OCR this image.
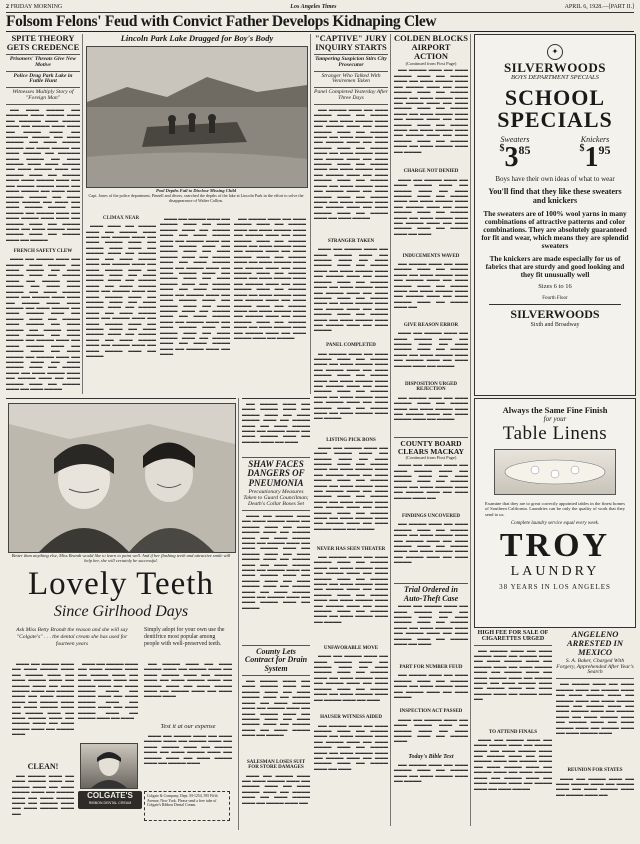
2 FRIDAY MORNING	Los Angeles Times	APRIL 6, 1928.—[PART II.]
Folsom Felons' Feud with Convict Father Develops Kidnaping Clew
SPITE THEORY GETS CREDENCE
Prisoners' Threats Give New Motive
Police Drag Park Lake in Futile Hunt
Witnesses Multiply Story of "Foreign Man"

▬▬ ▬▬▬ ▬▬▬▬ ▬▬ ▬▬▬▬▬ ▬▬▬ ▬▬▬▬ ▬▬▬ ▬▬ ▬▬▬▬▬ ▬▬▬ ▬▬▬▬ ▬▬▬ ▬▬ ▬▬▬▬ ▬▬▬ ▬▬▬ ▬▬ ▬▬▬▬ ▬▬▬ ▬▬ ▬▬▬▬▬ ▬▬▬▬ ▬▬ ▬▬▬ ▬▬▬▬ ▬▬ ▬▬▬ ▬▬▬▬ ▬▬▬▬ ▬▬ ▬▬▬ ▬▬▬▬ ▬▬ ▬▬▬ ▬▬▬▬ ▬▬ ▬▬▬▬▬ ▬▬▬ ▬▬▬▬ ▬▬ ▬▬▬ ▬▬▬▬ ▬▬▬ ▬▬▬ ▬▬▬▬ ▬▬ ▬▬▬ ▬▬▬▬ ▬▬▬ ▬▬ ▬▬▬▬ ▬▬▬ ▬▬ ▬▬▬▬ ▬▬▬ ▬▬▬ ▬▬▬▬ ▬▬▬ ▬▬ ▬▬ ▬▬▬▬ ▬▬▬▬ ▬▬▬ ▬▬ ▬▬▬ ▬▬▬▬ ▬▬ ▬▬▬ ▬▬▬ ▬▬▬▬ ▬▬▬▬ ▬▬ ▬▬▬ ▬▬▬ ▬▬▬▬ ▬▬ ▬▬▬ ▬▬ ▬▬▬ ▬▬▬▬ ▬▬▬▬ ▬▬ ▬▬▬▬ ▬▬ ▬▬▬▬ ▬▬▬ ▬▬ ▬▬▬ ▬▬▬▬ ▬▬▬ ▬▬▬ ▬▬ ▬▬▬▬ ▬▬▬ ▬▬ ▬▬▬▬ ▬▬▬ ▬▬ ▬▬▬ ▬▬▬▬ ▬▬▬ ▬▬▬▬ ▬▬▬ ▬▬ ▬▬▬▬ ▬▬▬ ▬▬ ▬▬▬▬

FRENCH SAFETY CLEW

▬▬▬ ▬▬ ▬▬▬▬ ▬▬▬ ▬▬ ▬▬▬▬ ▬▬▬ ▬▬▬▬ ▬▬ ▬▬▬ ▬▬▬▬ ▬▬ ▬▬▬ ▬▬▬▬ ▬▬▬ ▬▬ ▬▬▬▬ ▬▬▬ ▬▬ ▬▬▬▬ ▬▬▬ ▬▬▬▬ ▬▬ ▬▬▬ ▬▬▬ ▬▬▬▬ ▬▬ ▬▬▬ ▬▬▬▬ ▬▬▬ ▬▬ ▬▬▬▬ ▬▬▬ ▬▬▬ ▬▬ ▬▬▬▬ ▬▬▬ ▬▬▬ ▬▬▬▬ ▬▬ ▬▬▬ ▬▬▬▬ ▬▬ ▬▬▬ ▬▬▬▬ ▬▬▬ ▬▬ ▬▬▬▬ ▬▬▬ ▬▬ ▬▬▬▬ ▬▬▬ ▬▬▬▬ ▬▬ ▬▬▬ ▬▬▬▬ ▬▬ ▬▬▬▬ ▬▬▬ ▬▬▬ ▬▬▬▬ ▬▬ ▬▬▬ ▬▬▬▬ ▬▬ ▬▬▬▬ ▬▬▬ ▬▬ ▬▬▬ ▬▬▬▬ ▬▬▬ ▬▬ ▬▬▬▬ ▬▬▬ ▬▬ ▬▬▬ ▬▬▬▬ ▬▬ ▬▬▬▬ ▬▬▬ ▬▬ ▬▬▬▬ ▬▬▬ ▬▬ ▬▬▬ ▬▬▬▬ ▬▬▬ ▬▬ ▬▬▬▬ ▬▬▬ ▬▬ ▬▬▬ ▬▬▬▬ ▬▬▬ ▬▬ ▬▬▬▬ ▬▬▬ ▬▬ ▬▬▬ ▬▬▬▬ ▬▬▬ ▬▬ ▬▬▬▬ ▬▬▬ ▬▬ ▬▬▬ ▬▬▬▬

Lincoln Park Lake Dragged for Boy's Body
Pool Depths Fail to Disclose Missing Child
Capt. Jones of the police department, Pinnell and divers, searched the depths of the lake at Lincoln Park in the effort to solve the disappearance of Walter Collins.
CLIMAX NEAR

▬▬▬ ▬▬▬ ▬▬ ▬▬▬▬ ▬▬▬ ▬▬ ▬▬▬▬ ▬▬▬ ▬▬▬ ▬▬ ▬▬▬▬ ▬▬▬ ▬▬ ▬▬▬ ▬▬▬▬ ▬▬▬ ▬▬ ▬▬▬▬ ▬▬▬ ▬▬▬ ▬▬ ▬▬▬▬ ▬▬▬ ▬▬ ▬▬▬▬ ▬▬▬ ▬▬ ▬▬▬ ▬▬▬▬ ▬▬▬ ▬▬ ▬▬▬▬ ▬▬▬ ▬▬ ▬▬▬ ▬▬▬▬ ▬▬▬ ▬▬ ▬▬▬▬ ▬▬▬ ▬▬ ▬▬▬ ▬▬▬▬ ▬▬▬ ▬▬ ▬▬▬▬ ▬▬▬ ▬▬ ▬▬▬ ▬▬▬▬ ▬▬▬ ▬▬ ▬▬▬▬ ▬▬▬ ▬▬ ▬▬▬ ▬▬▬▬ ▬▬▬ ▬▬ ▬▬▬▬ ▬▬▬ ▬▬ ▬▬▬ ▬▬▬▬ ▬▬▬ ▬▬ ▬▬▬▬ ▬▬▬ ▬▬ ▬▬▬ ▬▬▬▬ ▬▬▬ ▬▬ ▬▬▬▬ ▬▬▬ ▬▬ ▬▬▬ ▬▬▬▬ ▬▬▬ ▬▬ ▬▬▬▬ ▬▬▬ ▬▬ ▬▬▬ ▬▬▬▬ ▬▬▬ ▬▬ ▬▬▬▬ ▬▬▬ ▬▬ ▬▬▬ ▬▬▬▬ ▬▬▬ ▬▬ ▬▬▬▬ ▬▬▬ ▬▬ ▬▬▬ ▬▬▬▬ ▬▬▬ ▬▬ ▬▬▬▬

▬▬▬ ▬▬ ▬▬▬▬ ▬▬▬ ▬▬ ▬▬▬▬ ▬▬▬ ▬▬ ▬▬▬ ▬▬▬▬ ▬▬▬ ▬▬ ▬▬▬▬ ▬▬▬ ▬▬ ▬▬▬ ▬▬▬▬ ▬▬▬ ▬▬ ▬▬▬▬ ▬▬▬ ▬▬ ▬▬▬ ▬▬▬▬ ▬▬▬ ▬▬ ▬▬▬▬ ▬▬▬ ▬▬ ▬▬▬ ▬▬▬▬ ▬▬▬ ▬▬ ▬▬▬▬ ▬▬▬ ▬▬ ▬▬▬ ▬▬▬▬ ▬▬▬ ▬▬ ▬▬▬▬ ▬▬▬ ▬▬ ▬▬▬ ▬▬▬▬ ▬▬▬ ▬▬ ▬▬▬▬ ▬▬▬ ▬▬ ▬▬▬ ▬▬▬▬ ▬▬▬ ▬▬ ▬▬▬▬ ▬▬▬ ▬▬ ▬▬▬ ▬▬▬▬ ▬▬▬ ▬▬ ▬▬▬▬ ▬▬▬ ▬▬ ▬▬▬ ▬▬▬▬ ▬▬▬ ▬▬ ▬▬▬▬ ▬▬▬ ▬▬ ▬▬▬ ▬▬▬▬ ▬▬▬ ▬▬ ▬▬▬▬ ▬▬▬ ▬▬ ▬▬▬ ▬▬▬▬ ▬▬▬ ▬▬ ▬▬▬▬ ▬▬▬ ▬▬ ▬▬▬ ▬▬▬▬ ▬▬▬ ▬▬ ▬▬▬▬ ▬▬▬ ▬▬ ▬▬▬ ▬▬▬▬ ▬▬▬ ▬▬ ▬▬▬▬ ▬▬▬ ▬▬ ▬▬▬ ▬▬▬▬ ▬▬▬ ▬▬ ▬▬▬▬ ▬▬▬ ▬▬ ▬▬▬

▬▬ ▬▬▬▬ ▬▬▬ ▬▬ ▬▬▬ ▬▬▬▬ ▬▬▬ ▬▬ ▬▬▬▬ ▬▬▬ ▬▬ ▬▬▬ ▬▬▬▬ ▬▬▬ ▬▬ ▬▬▬▬ ▬▬▬ ▬▬ ▬▬▬ ▬▬▬▬ ▬▬▬ ▬▬ ▬▬▬▬ ▬▬▬ ▬▬ ▬▬▬ ▬▬▬▬ ▬▬▬ ▬▬ ▬▬▬▬ ▬▬▬ ▬▬ ▬▬▬ ▬▬▬▬ ▬▬▬ ▬▬ ▬▬▬▬ ▬▬▬ ▬▬ ▬▬▬ ▬▬▬▬ ▬▬▬ ▬▬ ▬▬▬▬ ▬▬▬ ▬▬ ▬▬▬ ▬▬▬▬ ▬▬▬ ▬▬ ▬▬▬▬ ▬▬▬ ▬▬ ▬▬▬ ▬▬▬▬ ▬▬▬ ▬▬ ▬▬▬▬ ▬▬▬ ▬▬ ▬▬▬ ▬▬▬▬ ▬▬▬ ▬▬ ▬▬▬▬ ▬▬▬ ▬▬ ▬▬▬ ▬▬▬▬ ▬▬▬ ▬▬ ▬▬▬▬ ▬▬▬ ▬▬ ▬▬▬ ▬▬▬▬ ▬▬▬ ▬▬ ▬▬▬▬ ▬▬▬ ▬▬ ▬▬▬ ▬▬▬▬ ▬▬▬ ▬▬ ▬▬▬▬ ▬▬▬ ▬▬ ▬▬▬ ▬▬▬▬ ▬▬▬ ▬▬ ▬▬▬▬ ▬▬▬ ▬▬ ▬▬▬ ▬▬▬▬ ▬▬▬ ▬▬ ▬▬▬▬ ▬▬▬ ▬▬ ▬▬▬ ▬▬▬▬ ▬▬▬ ▬▬ ▬▬▬▬

"CAPTIVE" JURY INQUIRY STARTS
Tampering Suspicion Stirs City Prosecutor
Stranger Who Talked With Veniremen Taken
Panel Completed Yesterday After Three Days

▬▬ ▬▬▬▬ ▬▬▬ ▬▬ ▬▬▬ ▬▬▬▬ ▬▬▬ ▬▬ ▬▬▬▬ ▬▬▬ ▬▬ ▬▬▬ ▬▬▬▬ ▬▬▬ ▬▬ ▬▬▬▬ ▬▬▬ ▬▬ ▬▬▬ ▬▬▬▬ ▬▬▬ ▬▬ ▬▬▬▬ ▬▬▬ ▬▬ ▬▬▬ ▬▬▬▬ ▬▬▬ ▬▬ ▬▬▬▬ ▬▬▬ ▬▬ ▬▬▬ ▬▬▬▬ ▬▬▬ ▬▬ ▬▬▬▬ ▬▬▬ ▬▬ ▬▬▬ ▬▬▬▬ ▬▬▬ ▬▬ ▬▬▬▬ ▬▬▬ ▬▬ ▬▬▬ ▬▬▬▬ ▬▬▬ ▬▬ ▬▬▬▬ ▬▬▬ ▬▬ ▬▬▬ ▬▬▬▬ ▬▬▬ ▬▬ ▬▬▬▬ ▬▬▬ ▬▬ ▬▬▬ ▬▬▬▬ ▬▬▬ ▬▬ ▬▬▬▬ ▬▬▬ ▬▬ ▬▬▬ ▬▬▬▬ ▬▬▬ ▬▬ ▬▬▬▬ ▬▬▬ ▬▬ ▬▬▬ ▬▬▬▬ ▬▬▬ ▬▬ ▬▬▬▬ ▬▬▬ ▬▬ ▬▬▬ ▬▬▬▬ ▬▬▬ ▬▬ ▬▬▬▬ ▬▬▬ ▬▬ ▬▬▬ ▬▬▬▬ ▬▬▬ ▬▬ ▬▬▬▬ ▬▬▬ ▬▬ ▬▬▬ ▬▬▬▬

STRANGER TAKEN

▬▬▬ ▬▬ ▬▬▬▬ ▬▬▬ ▬▬ ▬▬▬ ▬▬▬▬ ▬▬▬ ▬▬ ▬▬▬▬ ▬▬▬ ▬▬ ▬▬▬ ▬▬▬▬ ▬▬▬ ▬▬ ▬▬▬▬ ▬▬▬ ▬▬ ▬▬▬ ▬▬▬▬ ▬▬▬ ▬▬ ▬▬▬▬ ▬▬▬ ▬▬ ▬▬▬ ▬▬▬▬ ▬▬▬ ▬▬ ▬▬▬▬ ▬▬▬ ▬▬ ▬▬▬ ▬▬▬▬ ▬▬▬ ▬▬ ▬▬▬▬ ▬▬▬ ▬▬ ▬▬▬ ▬▬▬▬ ▬▬▬ ▬▬ ▬▬▬▬ ▬▬▬ ▬▬ ▬▬▬ ▬▬▬▬ ▬▬▬ ▬▬ ▬▬▬▬ ▬▬▬ ▬▬ ▬▬▬ ▬▬▬▬ ▬▬▬ ▬▬ ▬▬▬▬ ▬▬▬ ▬▬ ▬▬▬ ▬▬▬▬ ▬▬▬ ▬▬ ▬▬▬▬ ▬▬▬ ▬▬ ▬▬▬ ▬▬▬▬

PANEL COMPLETED

▬▬ ▬▬▬▬ ▬▬▬ ▬▬ ▬▬▬ ▬▬▬▬ ▬▬▬ ▬▬ ▬▬▬▬ ▬▬▬ ▬▬ ▬▬▬ ▬▬▬▬ ▬▬▬ ▬▬ ▬▬▬▬ ▬▬▬ ▬▬ ▬▬▬ ▬▬▬▬ ▬▬▬ ▬▬ ▬▬▬▬ ▬▬▬ ▬▬ ▬▬▬ ▬▬▬▬ ▬▬▬ ▬▬ ▬▬▬▬ ▬▬▬ ▬▬ ▬▬▬ ▬▬▬▬ ▬▬▬ ▬▬ ▬▬▬▬ ▬▬▬ ▬▬ ▬▬▬ ▬▬▬▬ ▬▬▬ ▬▬ ▬▬▬▬ ▬▬▬ ▬▬ ▬▬▬ ▬▬▬▬ ▬▬▬ ▬▬ ▬▬▬▬ ▬▬▬ ▬▬ ▬▬▬ ▬▬▬▬ ▬▬▬ ▬▬ ▬▬▬▬

LISTING PICK BONS

▬▬▬ ▬▬ ▬▬▬▬ ▬▬▬ ▬▬ ▬▬▬ ▬▬▬▬ ▬▬▬ ▬▬ ▬▬▬▬ ▬▬▬ ▬▬ ▬▬▬ ▬▬▬▬ ▬▬▬ ▬▬ ▬▬▬▬ ▬▬▬ ▬▬ ▬▬▬ ▬▬▬▬ ▬▬▬ ▬▬ ▬▬▬▬ ▬▬▬ ▬▬ ▬▬▬ ▬▬▬▬ ▬▬▬ ▬▬ ▬▬▬▬ ▬▬▬ ▬▬ ▬▬▬ ▬▬▬▬ ▬▬▬ ▬▬ ▬▬▬▬ ▬▬▬ ▬▬ ▬▬▬ ▬▬▬▬ ▬▬▬ ▬▬ ▬▬▬▬ ▬▬▬ ▬▬ ▬▬▬ ▬▬▬▬ ▬▬▬ ▬▬ ▬▬▬▬ ▬▬▬ ▬▬ ▬▬▬ ▬▬▬▬ ▬▬▬ ▬▬ ▬▬▬▬ ▬▬▬ ▬▬ ▬▬▬ ▬▬▬▬ ▬▬▬ ▬▬ ▬▬▬▬ ▬▬▬ ▬▬ ▬▬▬ ▬▬▬▬ ▬▬▬ ▬▬ ▬▬▬▬

NEVER HAS SEEN THEATER

▬▬ ▬▬▬▬ ▬▬▬ ▬▬ ▬▬▬ ▬▬▬▬ ▬▬▬ ▬▬ ▬▬▬▬ ▬▬▬ ▬▬ ▬▬▬ ▬▬▬▬ ▬▬▬ ▬▬ ▬▬▬▬ ▬▬▬ ▬▬ ▬▬▬ ▬▬▬▬ ▬▬▬ ▬▬ ▬▬▬▬ ▬▬▬ ▬▬ ▬▬▬ ▬▬▬▬ ▬▬▬ ▬▬ ▬▬▬▬ ▬▬▬ ▬▬ ▬▬▬ ▬▬▬▬ ▬▬▬ ▬▬ ▬▬▬▬ ▬▬▬ ▬▬ ▬▬▬ ▬▬▬▬ ▬▬▬ ▬▬ ▬▬▬▬ ▬▬▬ ▬▬ ▬▬▬ ▬▬▬▬ ▬▬▬ ▬▬ ▬▬▬▬ ▬▬▬ ▬▬ ▬▬▬ ▬▬▬▬ ▬▬▬ ▬▬ ▬▬▬▬

UNFAVORABLE MOVE

▬▬▬ ▬▬ ▬▬▬▬ ▬▬▬ ▬▬ ▬▬▬ ▬▬▬▬ ▬▬▬ ▬▬ ▬▬▬▬ ▬▬▬ ▬▬ ▬▬▬ ▬▬▬▬ ▬▬▬ ▬▬ ▬▬▬▬ ▬▬▬ ▬▬ ▬▬▬ ▬▬▬▬ ▬▬▬ ▬▬ ▬▬▬▬ ▬▬▬ ▬▬ ▬▬▬ ▬▬▬▬ ▬▬▬ ▬▬ ▬▬▬▬ ▬▬▬ ▬▬ ▬▬▬ ▬▬▬▬ ▬▬▬ ▬▬ ▬▬▬▬ ▬▬▬ ▬▬ ▬▬▬

HAUSER WITNESS AIDED

▬▬ ▬▬▬▬ ▬▬▬ ▬▬ ▬▬▬ ▬▬▬▬ ▬▬▬ ▬▬ ▬▬▬▬ ▬▬▬ ▬▬ ▬▬▬ ▬▬▬▬ ▬▬▬ ▬▬ ▬▬▬▬ ▬▬▬ ▬▬ ▬▬▬ ▬▬▬▬ ▬▬▬ ▬▬ ▬▬▬▬ ▬▬▬ ▬▬ ▬▬▬ ▬▬▬▬ ▬▬▬ ▬▬ ▬▬▬▬ ▬▬▬ ▬▬ ▬▬▬ ▬▬▬▬ ▬▬▬ ▬▬ ▬▬▬▬ ▬▬▬ ▬▬ ▬▬▬

COLDEN BLOCKS AIRPORT ACTION
(Continued from First Page)

▬▬ ▬▬▬▬ ▬▬▬ ▬▬ ▬▬▬ ▬▬▬▬ ▬▬▬ ▬▬ ▬▬▬▬ ▬▬▬ ▬▬ ▬▬▬ ▬▬▬▬ ▬▬▬ ▬▬ ▬▬▬▬ ▬▬▬ ▬▬ ▬▬▬ ▬▬▬▬ ▬▬▬ ▬▬ ▬▬▬▬ ▬▬▬ ▬▬ ▬▬▬ ▬▬▬▬ ▬▬▬ ▬▬ ▬▬▬▬ ▬▬▬ ▬▬ ▬▬▬ ▬▬▬▬ ▬▬▬ ▬▬ ▬▬▬▬ ▬▬▬ ▬▬ ▬▬▬ ▬▬▬▬ ▬▬▬ ▬▬ ▬▬▬▬ ▬▬▬ ▬▬ ▬▬▬ ▬▬▬▬ ▬▬▬ ▬▬ ▬▬▬▬ ▬▬▬ ▬▬ ▬▬▬ ▬▬▬▬ ▬▬▬ ▬▬ ▬▬▬▬ ▬▬▬ ▬▬ ▬▬▬ ▬▬▬▬ ▬▬▬ ▬▬ ▬▬▬▬ ▬▬▬ ▬▬ ▬▬▬ ▬▬▬▬ ▬▬▬ ▬▬ ▬▬▬▬

CHARGE NOT DENIED

▬▬▬ ▬▬ ▬▬▬▬ ▬▬▬ ▬▬ ▬▬▬ ▬▬▬▬ ▬▬▬ ▬▬ ▬▬▬▬ ▬▬▬ ▬▬ ▬▬▬ ▬▬▬▬ ▬▬▬ ▬▬ ▬▬▬▬ ▬▬▬ ▬▬ ▬▬▬ ▬▬▬▬ ▬▬▬ ▬▬ ▬▬▬▬ ▬▬▬ ▬▬ ▬▬▬ ▬▬▬▬ ▬▬▬ ▬▬ ▬▬▬▬ ▬▬▬ ▬▬ ▬▬▬ ▬▬▬▬ ▬▬▬ ▬▬ ▬▬▬▬ ▬▬▬ ▬▬ ▬▬▬ ▬▬▬▬ ▬▬▬ ▬▬ ▬▬▬▬ ▬▬▬ ▬▬ ▬▬▬

INDUCEMENTS WAVED

▬▬ ▬▬▬▬ ▬▬▬ ▬▬ ▬▬▬ ▬▬▬▬ ▬▬▬ ▬▬ ▬▬▬▬ ▬▬▬ ▬▬ ▬▬▬ ▬▬▬▬ ▬▬▬ ▬▬ ▬▬▬▬ ▬▬▬ ▬▬ ▬▬▬ ▬▬▬▬ ▬▬▬ ▬▬ ▬▬▬▬ ▬▬▬ ▬▬ ▬▬▬ ▬▬▬▬ ▬▬▬ ▬▬ ▬▬▬▬ ▬▬▬ ▬▬ ▬▬▬ ▬▬▬▬ ▬▬▬ ▬▬ ▬▬▬▬ ▬▬▬ ▬▬

GIVE REASON ERROR

▬▬▬ ▬▬ ▬▬▬▬ ▬▬▬ ▬▬ ▬▬▬ ▬▬▬▬ ▬▬▬ ▬▬ ▬▬▬▬ ▬▬▬ ▬▬ ▬▬▬ ▬▬▬▬ ▬▬▬ ▬▬ ▬▬▬▬ ▬▬▬ ▬▬ ▬▬▬ ▬▬▬▬ ▬▬▬ ▬▬ ▬▬▬▬ ▬▬▬ ▬▬ ▬▬▬ ▬▬▬▬ ▬▬▬ ▬▬ ▬▬▬▬

DISPOSITION URGED REJECTION

▬▬ ▬▬▬▬ ▬▬▬ ▬▬ ▬▬▬ ▬▬▬▬ ▬▬▬ ▬▬ ▬▬▬▬ ▬▬▬ ▬▬ ▬▬▬ ▬▬▬▬ ▬▬▬ ▬▬ ▬▬▬▬ ▬▬▬ ▬▬ ▬▬▬ ▬▬▬▬ ▬▬▬ ▬▬ ▬▬▬▬

COUNTY BOARD CLEARS MACKAY
(Continued from First Page)

▬▬▬ ▬▬ ▬▬▬▬ ▬▬▬ ▬▬ ▬▬▬ ▬▬▬▬ ▬▬▬ ▬▬ ▬▬▬▬ ▬▬▬ ▬▬ ▬▬▬ ▬▬▬▬ ▬▬▬ ▬▬ ▬▬▬▬ ▬▬▬ ▬▬ ▬▬▬ ▬▬▬▬ ▬▬▬ ▬▬ ▬▬▬▬ ▬▬▬ ▬▬ ▬▬▬ ▬▬▬▬ ▬▬▬ ▬▬

FINDINGS UNCOVERED

▬▬ ▬▬▬▬ ▬▬▬ ▬▬ ▬▬▬ ▬▬▬▬ ▬▬▬ ▬▬ ▬▬▬▬ ▬▬▬ ▬▬ ▬▬▬ ▬▬▬▬ ▬▬▬ ▬▬ ▬▬▬▬ ▬▬▬ ▬▬ ▬▬▬ ▬▬▬▬ ▬▬▬ ▬▬ ▬▬▬▬ ▬▬▬ ▬▬ ▬▬▬ ▬▬▬▬ ▬▬▬ ▬▬ ▬▬▬▬ ▬▬▬ ▬▬ ▬▬▬ ▬▬▬▬

Trial Ordered in Auto-Theft Case

▬▬▬ ▬▬ ▬▬▬▬ ▬▬▬ ▬▬ ▬▬▬ ▬▬▬▬ ▬▬▬ ▬▬ ▬▬▬▬ ▬▬▬ ▬▬ ▬▬▬ ▬▬▬▬ ▬▬▬ ▬▬ ▬▬▬▬ ▬▬▬ ▬▬ ▬▬▬ ▬▬▬▬ ▬▬▬ ▬▬ ▬▬▬▬ ▬▬▬ ▬▬ ▬▬▬ ▬▬▬▬ ▬▬▬ ▬▬ ▬▬▬▬ ▬▬▬ ▬▬ ▬▬▬

PART FOR NUMBER FEUD

▬▬ ▬▬▬▬ ▬▬▬ ▬▬ ▬▬▬ ▬▬▬▬ ▬▬▬ ▬▬ ▬▬▬▬ ▬▬▬ ▬▬ ▬▬▬ ▬▬▬▬ ▬▬▬ ▬▬ ▬▬▬▬ ▬▬▬ ▬▬ ▬▬▬ ▬▬▬▬

INSPECTION ACT PASSED

▬▬▬ ▬▬ ▬▬▬▬ ▬▬▬ ▬▬ ▬▬▬ ▬▬▬▬ ▬▬▬ ▬▬ ▬▬▬▬ ▬▬▬ ▬▬ ▬▬▬ ▬▬▬▬ ▬▬▬ ▬▬ ▬▬▬▬ ▬▬▬

Today's Bible Text

▬▬ ▬▬▬▬ ▬▬▬ ▬▬ ▬▬▬ ▬▬▬▬ ▬▬▬ ▬▬ ▬▬▬▬ ▬▬▬ ▬▬ ▬▬▬ ▬▬▬▬ ▬▬▬ ▬▬ ▬▬▬▬

✦
SILVERWOODS
BOYS DEPARTMENT SPECIALS
SCHOOL SPECIALS
Sweaters
$^{\$}3^{85}$
Knickers
$^{\$}1^{95}$
Boys have their own ideas of what to wear
You'll find that they like these sweaters and knickers
The sweaters are of 100% wool yarns in many combinations of attractive patterns and color combinations. They are absolutely guaranteed for fit and wear, which means they are splendid sweaters
The knickers are made especially for us of fabrics that are sturdy and good looking and they fit unusually well
Sizes 6 to 16
Fourth Floor
SILVERWOODS
Sixth and Broadway
Always the Same Fine Finish
for your
Table Linens
Examine that they are to great correctly appointed tables in the finest homes of Southern California. Laundries can be only the quality of work that they send to us.
Complete laundry service equal every week.
TROY
LAUNDRY
38 YEARS IN LOS ANGELES
HIGH FEE FOR SALE OF CIGARETTES URGED

▬▬ ▬▬▬▬ ▬▬▬ ▬▬ ▬▬▬ ▬▬▬▬ ▬▬▬ ▬▬ ▬▬▬▬ ▬▬▬ ▬▬ ▬▬▬ ▬▬▬▬ ▬▬▬ ▬▬ ▬▬▬▬ ▬▬▬ ▬▬ ▬▬▬ ▬▬▬▬ ▬▬▬ ▬▬ ▬▬▬▬ ▬▬▬ ▬▬ ▬▬▬ ▬▬▬▬ ▬▬▬ ▬▬ ▬▬▬▬ ▬▬▬ ▬▬ ▬▬▬ ▬▬▬▬ ▬▬▬ ▬▬ ▬▬▬▬ ▬▬▬ ▬▬ ▬▬▬ ▬▬▬▬ ▬▬▬ ▬▬ ▬▬▬▬ ▬▬▬ ▬▬

TO ATTEND FINALS

▬▬▬ ▬▬ ▬▬▬▬ ▬▬▬ ▬▬ ▬▬▬ ▬▬▬▬ ▬▬▬ ▬▬ ▬▬▬▬ ▬▬▬ ▬▬ ▬▬▬ ▬▬▬▬ ▬▬▬ ▬▬ ▬▬▬▬ ▬▬▬ ▬▬ ▬▬▬ ▬▬▬▬ ▬▬▬ ▬▬ ▬▬▬▬ ▬▬▬ ▬▬ ▬▬▬ ▬▬▬▬ ▬▬▬ ▬▬ ▬▬▬▬ ▬▬▬ ▬▬ ▬▬▬ ▬▬▬▬ ▬▬▬ ▬▬ ▬▬▬▬ ▬▬▬ ▬▬ ▬▬▬ ▬▬▬▬ ▬▬▬ ▬▬ ▬▬▬▬ ▬▬▬ ▬▬ ▬▬▬ ▬▬▬▬

ANGELENO ARRESTED IN MEXICO
S. A. Baker, Charged With Forgery, Apprehended After Year's Search

▬▬ ▬▬▬▬ ▬▬▬ ▬▬ ▬▬▬ ▬▬▬▬ ▬▬▬ ▬▬ ▬▬▬▬ ▬▬▬ ▬▬ ▬▬▬ ▬▬▬▬ ▬▬▬ ▬▬ ▬▬▬▬ ▬▬▬ ▬▬ ▬▬▬ ▬▬▬▬ ▬▬▬ ▬▬ ▬▬▬▬ ▬▬▬ ▬▬ ▬▬▬ ▬▬▬▬ ▬▬▬ ▬▬ ▬▬▬▬ ▬▬▬ ▬▬ ▬▬▬ ▬▬▬▬ ▬▬▬ ▬▬ ▬▬▬▬ ▬▬▬ ▬▬ ▬▬▬ ▬▬▬▬ ▬▬▬ ▬▬ ▬▬▬▬ ▬▬▬ ▬▬ ▬▬▬ ▬▬▬▬ ▬▬▬

REUNION FOR STATES

▬▬▬ ▬▬ ▬▬▬▬ ▬▬▬ ▬▬ ▬▬▬ ▬▬▬▬ ▬▬▬ ▬▬ ▬▬▬▬ ▬▬▬ ▬▬ ▬▬▬ ▬▬▬▬ ▬▬▬ ▬▬ ▬▬▬▬ ▬▬▬ ▬▬

Better than anything else, Miss Brandt would like to learn to paint well. And if her flashing teeth and attractive smile will help her, she will certainly be successful.
Lovely Teeth
Since Girlhood Days
Ask Miss Betty Brandt the reason and she will say "Colgate's" . . . the dental cream she has used for fourteen years

▬▬▬ ▬▬ ▬▬▬▬ ▬▬▬ ▬▬ ▬▬▬ ▬▬▬▬ ▬▬▬ ▬▬ ▬▬▬▬ ▬▬▬ ▬▬ ▬▬▬ ▬▬▬▬ ▬▬▬ ▬▬ ▬▬▬▬ ▬▬▬ ▬▬ ▬▬▬ ▬▬▬▬ ▬▬▬ ▬▬ ▬▬▬▬ ▬▬▬ ▬▬ ▬▬▬ ▬▬▬▬ ▬▬▬ ▬▬ ▬▬▬▬ ▬▬▬ ▬▬ ▬▬▬ ▬▬▬▬ ▬▬▬ ▬▬ ▬▬▬▬ ▬▬▬ ▬▬ ▬▬▬ ▬▬▬▬ ▬▬▬ ▬▬ ▬▬▬▬ ▬▬▬ ▬▬ ▬▬▬ ▬▬▬▬ ▬▬▬ ▬▬ ▬▬▬▬ ▬▬▬

CLEAN!

▬▬ ▬▬▬▬ ▬▬▬ ▬▬ ▬▬▬ ▬▬▬▬ ▬▬▬ ▬▬ ▬▬▬▬ ▬▬▬ ▬▬ ▬▬▬ ▬▬▬▬ ▬▬▬ ▬▬ ▬▬▬▬ ▬▬▬ ▬▬ ▬▬▬ ▬▬▬▬ ▬▬▬ ▬▬ ▬▬▬▬ ▬▬▬ ▬▬ ▬▬▬ ▬▬▬▬ ▬▬▬ ▬▬

▬▬▬ ▬▬ ▬▬▬▬ ▬▬▬ ▬▬ ▬▬▬ ▬▬▬▬ ▬▬▬ ▬▬ ▬▬▬▬ ▬▬▬ ▬▬ ▬▬▬ ▬▬▬▬ ▬▬▬ ▬▬ ▬▬▬▬ ▬▬▬ ▬▬ ▬▬▬ ▬▬▬▬ ▬▬▬ ▬▬ ▬▬▬▬ ▬▬▬ ▬▬ ▬▬▬ ▬▬▬▬ ▬▬▬ ▬▬ ▬▬▬▬ ▬▬▬ ▬▬ ▬▬▬ ▬▬▬▬ ▬▬▬ ▬▬ ▬▬▬▬ ▬▬▬ ▬▬ ▬▬▬

COLGATE'S
RIBBON DENTAL CREAM
Simply adopt for your own use the dentifrice most popular among people with well-preserved teeth.

▬▬ ▬▬▬▬ ▬▬▬ ▬▬ ▬▬▬ ▬▬▬▬ ▬▬▬ ▬▬ ▬▬▬▬ ▬▬▬ ▬▬ ▬▬▬ ▬▬▬▬ ▬▬▬ ▬▬ ▬▬▬▬ ▬▬▬ ▬▬ ▬▬▬ ▬▬▬▬ ▬▬▬ ▬▬ ▬▬▬▬ ▬▬▬ ▬▬ ▬▬▬ ▬▬▬▬ ▬▬▬ ▬▬ ▬▬▬▬ ▬▬▬ ▬▬ ▬▬▬ ▬▬▬▬ ▬▬▬

Test it at our expense

▬▬▬ ▬▬ ▬▬▬▬ ▬▬▬ ▬▬ ▬▬▬ ▬▬▬▬ ▬▬▬ ▬▬ ▬▬▬▬ ▬▬▬ ▬▬ ▬▬▬ ▬▬▬▬ ▬▬▬ ▬▬ ▬▬▬▬ ▬▬▬ ▬▬ ▬▬▬ ▬▬▬▬ ▬▬▬ ▬▬ ▬▬▬▬ ▬▬▬ ▬▬ ▬▬▬ ▬▬▬▬ ▬▬▬ ▬▬ ▬▬▬▬ ▬▬▬

Colgate & Company, Dept. M-1254, 595 Fifth Avenue, New York. Please send a free tube of Colgate's Ribbon Dental Cream.

▬▬ ▬▬▬▬ ▬▬▬ ▬▬ ▬▬▬ ▬▬▬▬ ▬▬▬ ▬▬ ▬▬▬▬ ▬▬▬ ▬▬ ▬▬▬ ▬▬▬▬ ▬▬▬ ▬▬ ▬▬▬▬ ▬▬▬ ▬▬ ▬▬▬ ▬▬▬▬ ▬▬▬ ▬▬ ▬▬▬▬ ▬▬▬ ▬▬ ▬▬▬ ▬▬▬▬ ▬▬▬ ▬▬ ▬▬▬▬ ▬▬▬ ▬▬ ▬▬▬

SHAW FACES DANGERS OF PNEUMONIA
Precautionary Measures Taken to Guard Councilman; Death's Collar Boxes Set

▬▬▬ ▬▬ ▬▬▬▬ ▬▬▬ ▬▬ ▬▬▬ ▬▬▬▬ ▬▬▬ ▬▬ ▬▬▬▬ ▬▬▬ ▬▬ ▬▬▬ ▬▬▬▬ ▬▬▬ ▬▬ ▬▬▬▬ ▬▬▬ ▬▬ ▬▬▬ ▬▬▬▬ ▬▬▬ ▬▬ ▬▬▬▬ ▬▬▬ ▬▬ ▬▬▬ ▬▬▬▬ ▬▬▬ ▬▬ ▬▬▬▬ ▬▬▬ ▬▬ ▬▬▬ ▬▬▬▬ ▬▬▬ ▬▬ ▬▬▬▬ ▬▬▬ ▬▬ ▬▬▬ ▬▬▬▬ ▬▬▬ ▬▬ ▬▬▬▬ ▬▬▬ ▬▬ ▬▬▬ ▬▬▬▬ ▬▬▬ ▬▬ ▬▬▬▬ ▬▬▬ ▬▬ ▬▬▬ ▬▬▬▬ ▬▬▬ ▬▬ ▬▬▬▬ ▬▬▬ ▬▬ ▬▬▬ ▬▬▬▬ ▬▬▬ ▬▬ ▬▬▬▬ ▬▬▬ ▬▬ ▬▬▬ ▬▬▬▬ ▬▬▬ ▬▬ ▬▬▬▬

County Lets Contract for Drain System

▬▬ ▬▬▬▬ ▬▬▬ ▬▬ ▬▬▬ ▬▬▬▬ ▬▬▬ ▬▬ ▬▬▬▬ ▬▬▬ ▬▬ ▬▬▬ ▬▬▬▬ ▬▬▬ ▬▬ ▬▬▬▬ ▬▬▬ ▬▬ ▬▬▬ ▬▬▬▬ ▬▬▬ ▬▬ ▬▬▬▬ ▬▬▬ ▬▬ ▬▬▬ ▬▬▬▬ ▬▬▬ ▬▬ ▬▬▬▬ ▬▬▬ ▬▬ ▬▬▬ ▬▬▬▬ ▬▬▬ ▬▬ ▬▬▬▬ ▬▬▬ ▬▬ ▬▬▬ ▬▬▬▬ ▬▬▬ ▬▬ ▬▬▬▬

SALESMAN LOSES SUIT FOR STORE DAMAGES

▬▬▬ ▬▬ ▬▬▬▬ ▬▬▬ ▬▬ ▬▬▬ ▬▬▬▬ ▬▬▬ ▬▬ ▬▬▬▬ ▬▬▬ ▬▬ ▬▬▬ ▬▬▬▬ ▬▬▬ ▬▬ ▬▬▬▬ ▬▬▬ ▬▬ ▬▬▬ ▬▬▬▬ ▬▬▬ ▬▬ ▬▬▬▬ ▬▬▬ ▬▬
